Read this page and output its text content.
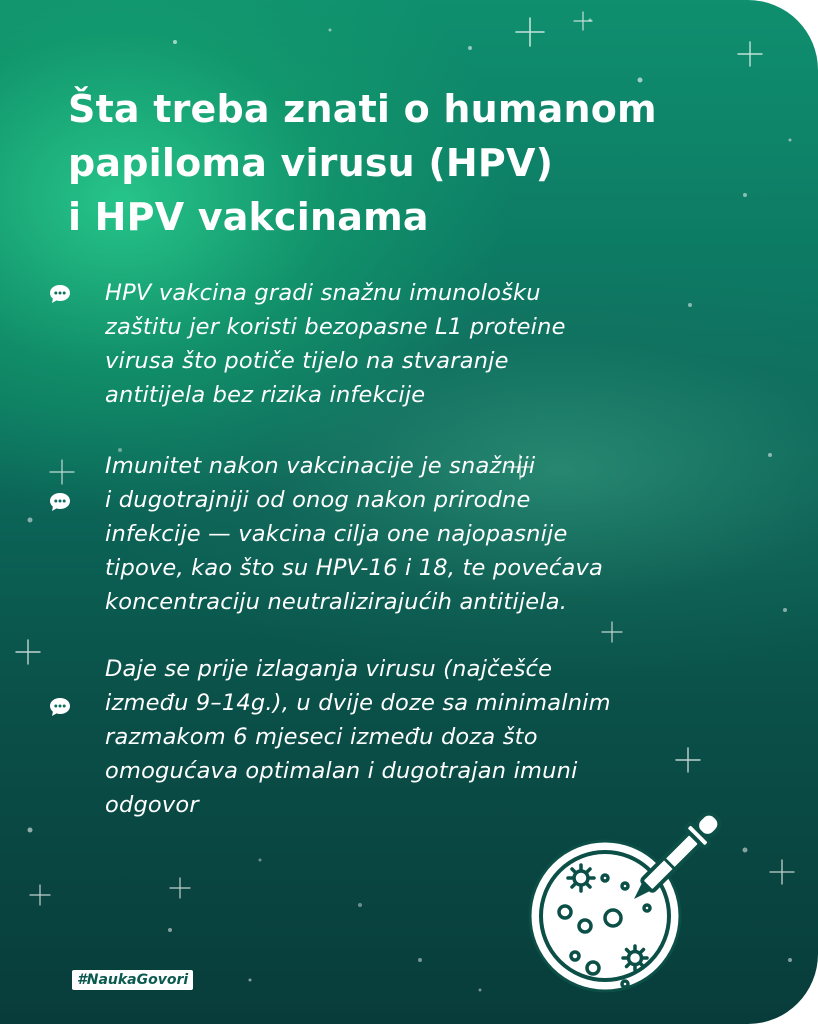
Šta treba znati o humanom
papiloma virusu (HPV)
i HPV vakcinama

HPV vakcina gradi snažnu imunološku
zaštitu jer koristi bezopasne L1 proteine
virusa što potiče tijelo na stvaranje
antitijela bez rizika infekcije

Imunitet nakon vakcinacije je snažniji
i dugotrajniji od onog nakon prirodne
infekcije — vakcina cilja one najopasnije
tipove, kao što su HPV-16 i 18, te povećava
koncentraciju neutralizirajućih antitijela.

Daje se prije izlaganja virusu (najčešće
između 9–14g.), u dvije doze sa minimalnim
razmakom 6 mjeseci između doza što
omogućava optimalan i dugotrajan imuni
odgovor

#NaukaGovori
